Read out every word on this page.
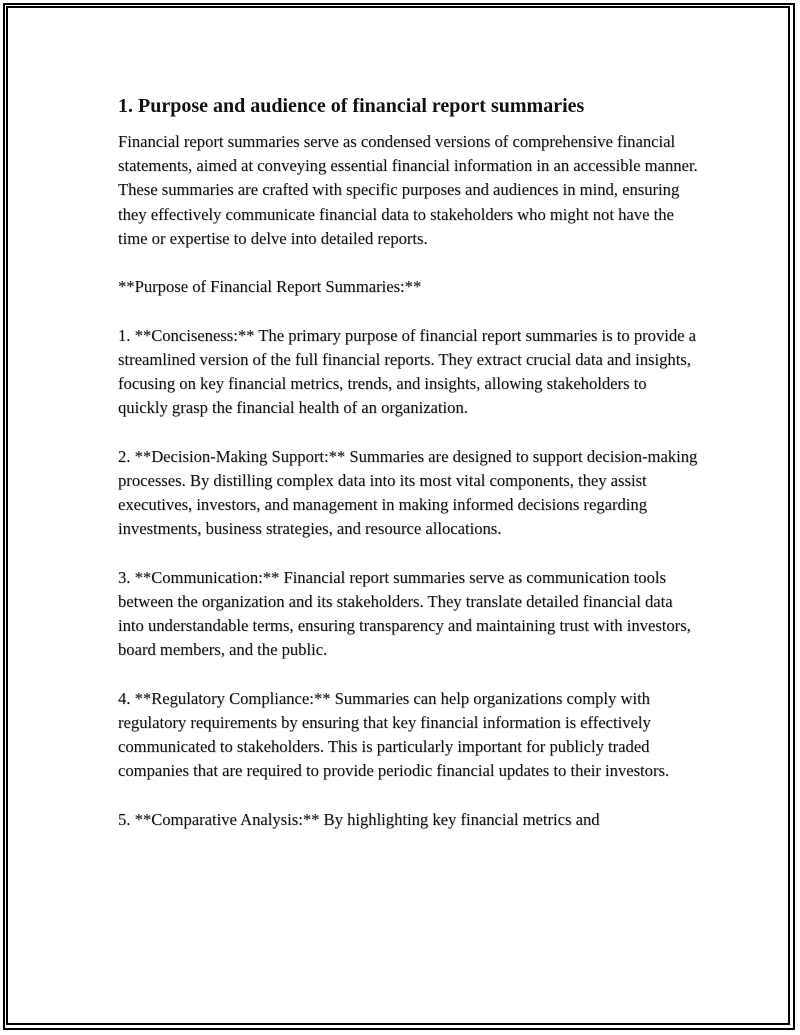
1. Purpose and audience of financial report summaries

Financial report summaries serve as condensed versions of comprehensive financial statements, aimed at conveying essential financial information in an accessible manner. These summaries are crafted with specific purposes and audiences in mind, ensuring they effectively communicate financial data to stakeholders who might not have the time or expertise to delve into detailed reports.

**Purpose of Financial Report Summaries:**

1. **Conciseness:** The primary purpose of financial report summaries is to provide a streamlined version of the full financial reports. They extract crucial data and insights, focusing on key financial metrics, trends, and insights, allowing stakeholders to quickly grasp the financial health of an organization.

2. **Decision-Making Support:** Summaries are designed to support decision-making processes. By distilling complex data into its most vital components, they assist executives, investors, and management in making informed decisions regarding investments, business strategies, and resource allocations.

3. **Communication:** Financial report summaries serve as communication tools between the organization and its stakeholders. They translate detailed financial data into understandable terms, ensuring transparency and maintaining trust with investors, board members, and the public.

4. **Regulatory Compliance:** Summaries can help organizations comply with regulatory requirements by ensuring that key financial information is effectively communicated to stakeholders. This is particularly important for publicly traded companies that are required to provide periodic financial updates to their investors.

5. **Comparative Analysis:** By highlighting key financial metrics and
